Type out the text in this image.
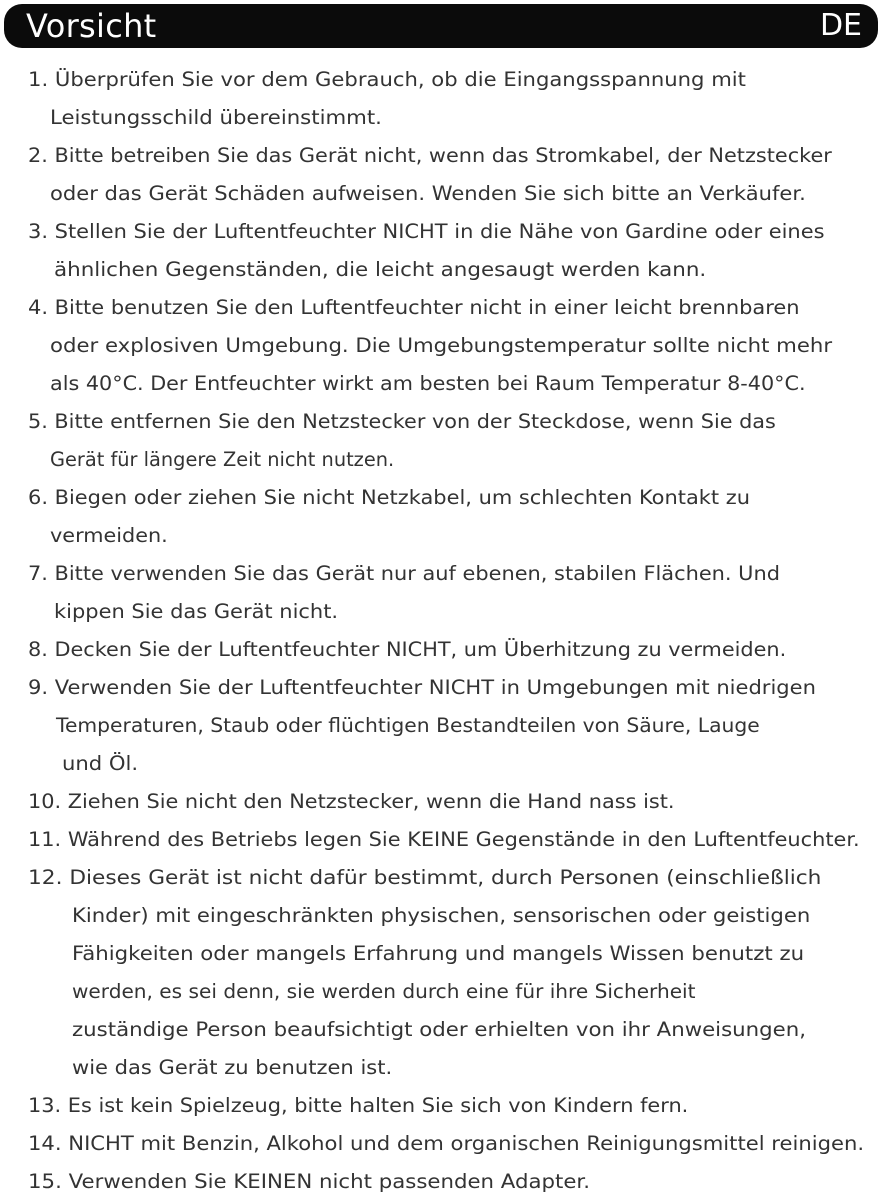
Vorsicht	DE
1. Überprüfen Sie vor dem Gebrauch, ob die Eingangsspannung mit
Leistungsschild übereinstimmt.
2. Bitte betreiben Sie das Gerät nicht, wenn das Stromkabel, der Netzstecker
oder das Gerät Schäden aufweisen. Wenden Sie sich bitte an Verkäufer.
3. Stellen Sie der Luftentfeuchter NICHT in die Nähe von Gardine oder eines
ähnlichen Gegenständen, die leicht angesaugt werden kann.
4. Bitte benutzen Sie den Luftentfeuchter nicht in einer leicht brennbaren
oder explosiven Umgebung. Die Umgebungstemperatur sollte nicht mehr
als 40°C. Der Entfeuchter wirkt am besten bei Raum Temperatur 8-40°C.
5. Bitte entfernen Sie den Netzstecker von der Steckdose, wenn Sie das
Gerät für längere Zeit nicht nutzen.
6. Biegen oder ziehen Sie nicht Netzkabel, um schlechten Kontakt zu
vermeiden.
7. Bitte verwenden Sie das Gerät nur auf ebenen, stabilen Flächen. Und
kippen Sie das Gerät nicht.
8. Decken Sie der Luftentfeuchter NICHT, um Überhitzung zu vermeiden.
9. Verwenden Sie der Luftentfeuchter NICHT in Umgebungen mit niedrigen
Temperaturen, Staub oder flüchtigen Bestandteilen von Säure, Lauge
und Öl.
10. Ziehen Sie nicht den Netzstecker, wenn die Hand nass ist.
11. Während des Betriebs legen Sie KEINE Gegenstände in den Luftentfeuchter.
12. Dieses Gerät ist nicht dafür bestimmt, durch Personen (einschließlich
Kinder) mit eingeschränkten physischen, sensorischen oder geistigen
Fähigkeiten oder mangels Erfahrung und mangels Wissen benutzt zu
werden, es sei denn, sie werden durch eine für ihre Sicherheit
zuständige Person beaufsichtigt oder erhielten von ihr Anweisungen,
wie das Gerät zu benutzen ist.
13. Es ist kein Spielzeug, bitte halten Sie sich von Kindern fern.
14. NICHT mit Benzin, Alkohol und dem organischen Reinigungsmittel reinigen.
15. Verwenden Sie KEINEN nicht passenden Adapter.
